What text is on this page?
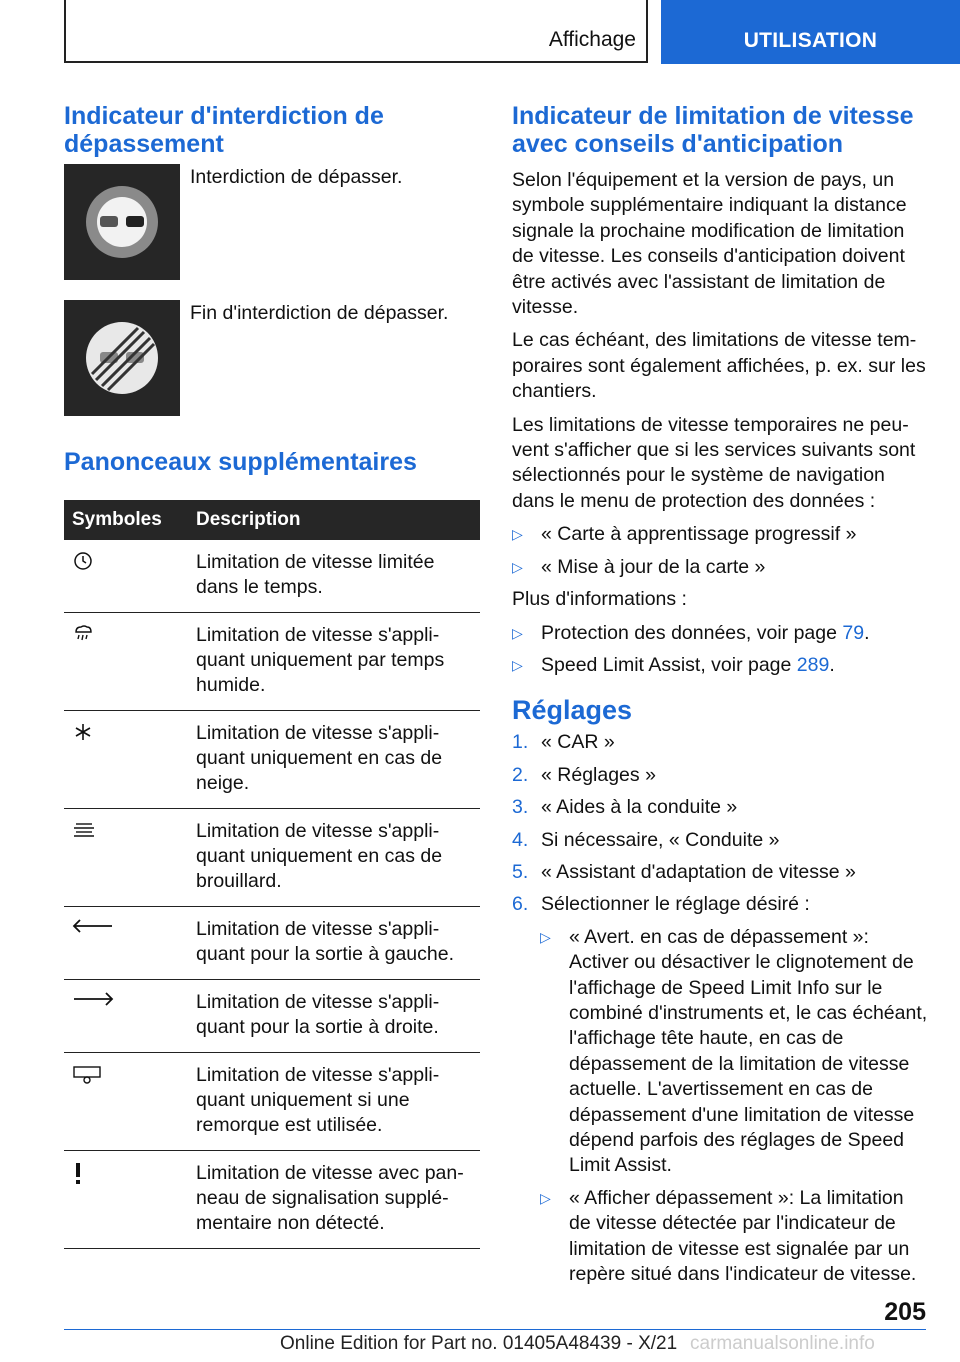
Affichage	UTILISATION
Indicateur d'interdiction de dépassement
Interdiction de dépasser.
Fin d'interdiction de dépasser.
Panonceaux supplémentaires
Symboles	Description
	Limitation de vitesse limitée dans le temps.
	Limitation de vitesse s'appliquant uniquement par temps humide.
	Limitation de vitesse s'appliquant uniquement en cas de neige.
	Limitation de vitesse s'appliquant uniquement en cas de brouillard.
	Limitation de vitesse s'appliquant pour la sortie à gauche.
	Limitation de vitesse s'appliquant pour la sortie à droite.
	Limitation de vitesse s'appliquant uniquement si une remorque est utilisée.
	Limitation de vitesse avec panneau de signalisation supplémentaire non détecté.
Indicateur de limitation de vitesse avec conseils d'anticipation

Selon l'équipement et la version de pays, un symbole supplémentaire indiquant la distance signale la prochaine modification de limitation de vitesse. Les conseils d'anticipation doivent être activés avec l'assistant de limitation de vitesse.

Le cas échéant, des limitations de vitesse temporaires sont également affichées, p. ex. sur les chantiers.

Les limitations de vitesse temporaires ne peuvent s'afficher que si les services suivants sont sélectionnés pour le système de navigation dans le menu de protection des données :

▷ « Carte à apprentissage progressif »
▷ « Mise à jour de la carte »

Plus d'informations :

▷ Protection des données, voir page 79.
▷ Speed Limit Assist, voir page 289.
Réglages
1. « CAR »
2. « Réglages »
3. « Aides à la conduite »
4. Si nécessaire, « Conduite »
5. « Assistant d'adaptation de vitesse »
6. Sélectionner le réglage désiré :
▷ « Avert. en cas de dépassement »: Activer ou désactiver le clignotement de l'affichage de Speed Limit Info sur le combiné d'instruments et, le cas échéant, l'affichage tête haute, en cas de dépassement de la limitation de vitesse actuelle. L'avertissement en cas de dépassement d'une limitation de vitesse dépend parfois des réglages de Speed Limit Assist.
▷ « Afficher dépassement »: La limitation de vitesse détectée par l'indicateur de limitation de vitesse est signalée par un repère situé dans l'indicateur de vitesse.
205
Online Edition for Part no. 01405A48439 - X/21 carmanualsonline.info
